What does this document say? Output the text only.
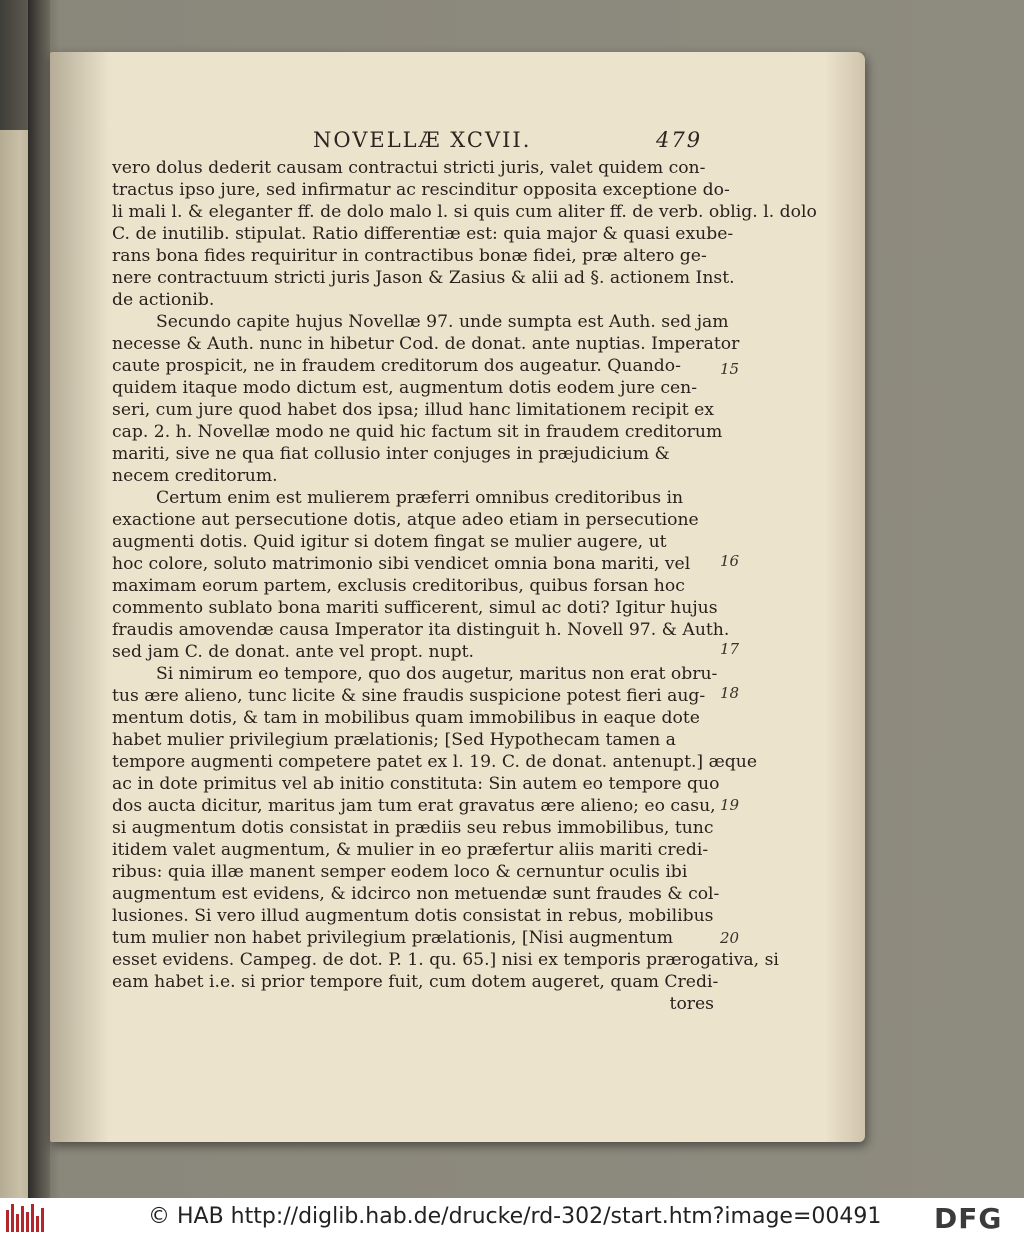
NOVELLÆ XCVII.	479
vero dolus dederit causam contractui stricti juris, valet quidem con-
tractus ipso jure, sed infirmatur ac rescinditur opposita exceptione do-
li mali l. & eleganter ff. de dolo malo l. si quis cum aliter ff. de verb. oblig. l. dolo
C. de inutilib. stipulat. Ratio differentiæ est: quia major & quasi exube-
rans bona fides requiritur in contractibus bonæ fidei, præ altero ge-
nere contractuum stricti juris Jason & Zasius & alii ad §. actionem Inst.
de actionib.
Secundo capite hujus Novellæ 97. unde sumpta est Auth. sed jam
necesse & Auth. nunc in hibetur Cod. de donat. ante nuptias. Imperator
caute prospicit, ne in fraudem creditorum dos augeatur. Quando-
quidem itaque modo dictum est, augmentum dotis eodem jure cen-
seri, cum jure quod habet dos ipsa; illud hanc limitationem recipit ex
cap. 2. h. Novellæ modo ne quid hic factum sit in fraudem creditorum
mariti, sive ne qua fiat collusio inter conjuges in præjudicium &
necem creditorum.
Certum enim est mulierem præferri omnibus creditoribus in
exactione aut persecutione dotis, atque adeo etiam in persecutione
augmenti dotis. Quid igitur si dotem fingat se mulier augere, ut
hoc colore, soluto matrimonio sibi vendicet omnia bona mariti, vel
maximam eorum partem, exclusis creditoribus, quibus forsan hoc
commento sublato bona mariti sufficerent, simul ac doti? Igitur hujus
fraudis amovendæ causa Imperator ita distinguit h. Novell 97. & Auth.
sed jam C. de donat. ante vel propt. nupt.
Si nimirum eo tempore, quo dos augetur, maritus non erat obru-
tus ære alieno, tunc licite & sine fraudis suspicione potest fieri aug-
mentum dotis, & tam in mobilibus quam immobilibus in eaque dote
habet mulier privilegium prælationis; [Sed Hypothecam tamen a
tempore augmenti competere patet ex l. 19. C. de donat. antenupt.] æque
ac in dote primitus vel ab initio constituta: Sin autem eo tempore quo
dos aucta dicitur, maritus jam tum erat gravatus ære alieno; eo casu,
si augmentum dotis consistat in prædiis seu rebus immobilibus, tunc
itidem valet augmentum, & mulier in eo præfertur aliis mariti credi-
ribus: quia illæ manent semper eodem loco & cernuntur oculis ibi
augmentum est evidens, & idcirco non metuendæ sunt fraudes & col-
lusiones. Si vero illud augmentum dotis consistat in rebus, mobilibus
tum mulier non habet privilegium prælationis, [Nisi augmentum
esset evidens. Campeg. de dot. P. 1. qu. 65.] nisi ex temporis prærogativa, si
eam habet i.e. si prior tempore fuit, cum dotem augeret, quam Credi-
tores
15
16
17
18
19
20
© HAB http://diglib.hab.de/drucke/rd-302/start.htm?image=00491 DFG
